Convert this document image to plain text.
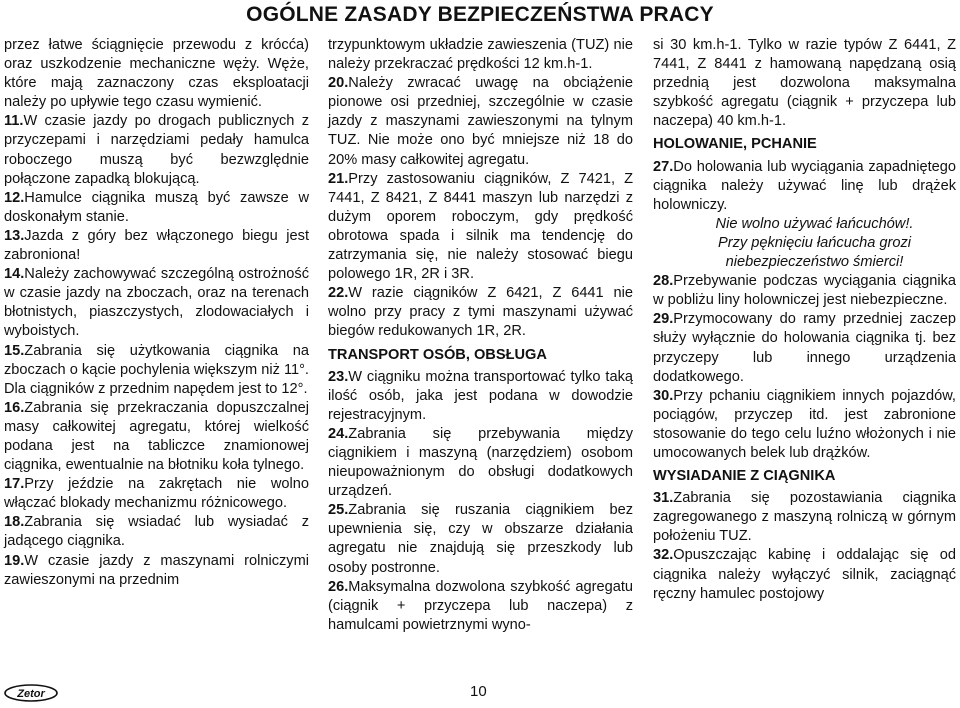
OGÓLNE ZASADY BEZPIECZEŃSTWA PRACY

przez łatwe ściągnięcie przewodu z krócća) oraz uszkodzenie mechaniczne węży. Węże, które mają zaznaczony czas eksploatacji należy po upływie tego czasu wymienić.

11.W czasie jazdy po drogach publicznych z przyczepami i narzędziami pedały hamulca roboczego muszą być bezwzględnie połączone zapadką blokującą.

12.Hamulce ciągnika muszą być zawsze w doskonałym stanie.

13.Jazda z góry bez włączonego biegu jest zabroniona!

14.Należy zachowywać szczególną ostrożność w czasie jazdy na zboczach, oraz na terenach błotnistych, piaszczystych, zlodowaciałych i wyboistych.

15.Zabrania się użytkowania ciągnika na zboczach o kącie pochylenia większym niż 11°. Dla ciągników z przednim napędem jest to 12°.

16.Zabrania się przekraczania dopuszczalnej masy całkowitej agregatu, której wielkość podana jest na tabliczce znamionowej ciągnika, ewentualnie na błotniku koła tylnego.

17.Przy jeździe na zakrętach nie wolno włączać blokady mechanizmu różnicowego.

18.Zabrania się wsiadać lub wysiadać z jadącego ciągnika.

19.W czasie jazdy z maszynami rolniczymi zawieszonymi na przednim

trzypunktowym układzie zawieszenia (TUZ) nie należy przekraczać prędkości 12 km.h-1.

20.Należy zwracać uwagę na obciążenie pionowe osi przedniej, szczególnie w czasie jazdy z maszynami zawieszonymi na tylnym TUZ. Nie może ono być mniejsze niż 18 do 20% masy całkowitej agregatu.

21.Przy zastosowaniu ciągników, Z 7421, Z 7441, Z 8421, Z 8441 maszyn lub narzędzi z dużym oporem roboczym, gdy prędkość obrotowa spada i silnik ma tendencję do zatrzymania się, nie należy stosować biegu polowego 1R, 2R i 3R.

22.W razie ciągników Z 6421, Z 6441 nie wolno przy pracy z tymi maszynami używać biegów redukowanych 1R, 2R.

TRANSPORT OSÓB, OBSŁUGA

23.W ciągniku można transportować tylko taką ilość osób, jaka jest podana w dowodzie rejestracyjnym.

24.Zabrania się przebywania między ciągnikiem i maszyną (narzędziem) osobom nieupoważnionym do obsługi dodatkowych urządzeń.

25.Zabrania się ruszania ciągnikiem bez upewnienia się, czy w obszarze działania agregatu nie znajdują się przeszkody lub osoby postronne.

26.Maksymalna dozwolona szybkość agregatu (ciągnik + przyczepa lub naczepa) z hamulcami powietrznymi wyno-

si 30 km.h-1. Tylko w razie typów Z 6441, Z 7441, Z 8441 z hamowaną napędzaną osią przednią jest dozwolona maksymalna szybkość agregatu (ciągnik + przyczepa lub naczepa) 40 km.h-1.

HOLOWANIE, PCHANIE

27.Do holowania lub wyciągania zapadniętego ciągnika należy używać linę lub drążek holowniczy.

Nie wolno używać łańcuchów!.

Przy pęknięciu łańcucha grozi niebezpieczeństwo śmierci!

28.Przebywanie podczas wyciągania ciągnika w pobliżu liny holowniczej jest niebezpieczne.

29.Przymocowany do ramy przedniej zaczep służy wyłącznie do holowania ciągnika tj. bez przyczepy lub innego urządzenia dodatkowego.

30.Przy pchaniu ciągnikiem innych pojazdów, pociągów, przyczep itd. jest zabronione stosowanie do tego celu luźno włożonych i nie umocowanych belek lub drążków.

WYSIADANIE Z CIĄGNIKA

31.Zabrania się pozostawiania ciągnika zagregowanego z maszyną rolniczą w górnym położeniu TUZ.

32.Opuszczając kabinę i oddalając się od ciągnika należy wyłączyć silnik, zaciągnąć ręczny hamulec postojowy

Zetor	10
